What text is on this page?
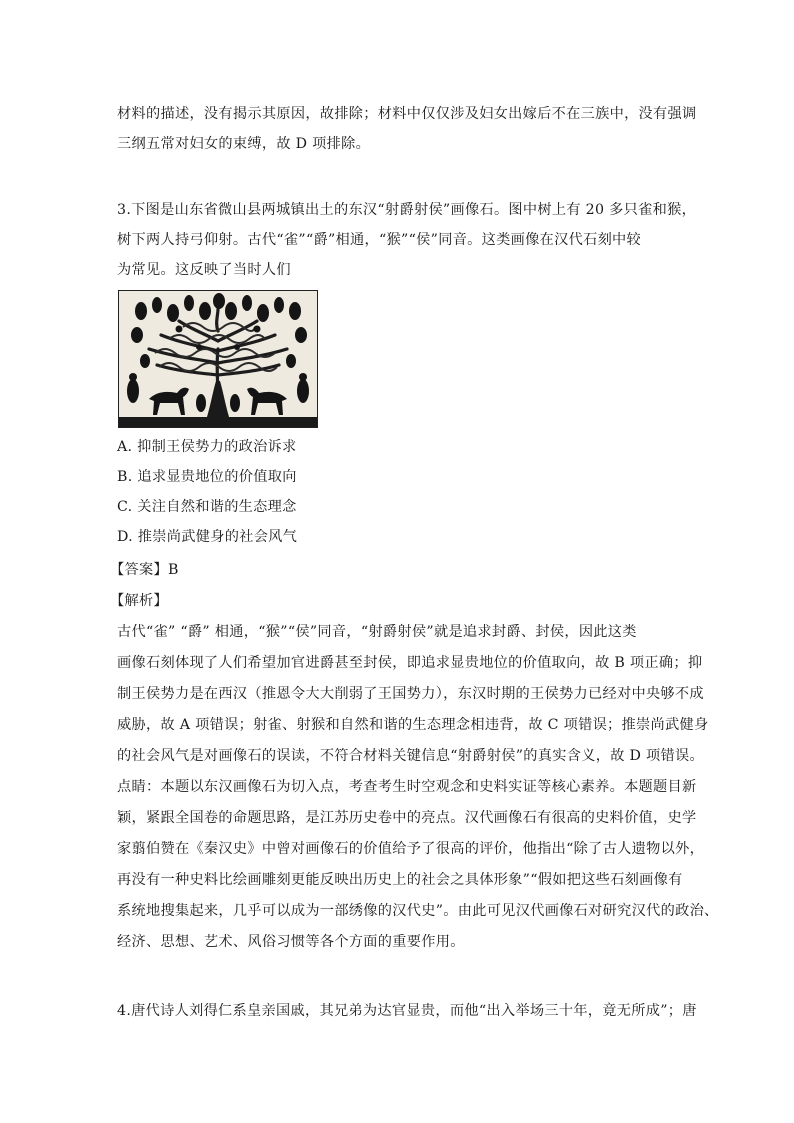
材料的描述，没有揭示其原因，故排除；材料中仅仅涉及妇女出嫁后不在三族中，没有强调
三纲五常对妇女的束缚，故 D 项排除。
3.下图是山东省微山县两城镇出土的东汉“射爵射侯”画像石。图中树上有 20 多只雀和猴，
树下两人持弓仰射。古代“雀”“爵”相通，“猴”“侯”同音。这类画像在汉代石刻中较
为常见。这反映了当时人们
A. 抑制王侯势力的政治诉求
B. 追求显贵地位的价值取向
C. 关注自然和谐的生态理念
D. 推崇尚武健身的社会风气
【答案】B
【解析】
古代“雀” “爵” 相通，“猴”“侯”同音，“射爵射侯”就是追求封爵、封侯，因此这类
画像石刻体现了人们希望加官进爵甚至封侯，即追求显贵地位的价值取向，故 B 项正确；抑
制王侯势力是在西汉（推恩令大大削弱了王国势力），东汉时期的王侯势力已经对中央够不成
威胁，故 A 项错误；射雀、射猴和自然和谐的生态理念相违背，故 C 项错误；推崇尚武健身
的社会风气是对画像石的误读，不符合材料关键信息“射爵射侯”的真实含义，故 D 项错误。
点睛：本题以东汉画像石为切入点，考查考生时空观念和史料实证等核心素养。本题题目新
颖，紧跟全国卷的命题思路，是江苏历史卷中的亮点。汉代画像石有很高的史料价值，史学
家翦伯赞在《秦汉史》中曾对画像石的价值给予了很高的评价，他指出“除了古人遗物以外，
再没有一种史料比绘画雕刻更能反映出历史上的社会之具体形象”“假如把这些石刻画像有
系统地搜集起来，几乎可以成为一部绣像的汉代史”。由此可见汉代画像石对研究汉代的政治、
经济、思想、艺术、风俗习惯等各个方面的重要作用。
4.唐代诗人刘得仁系皇亲国戚，其兄弟为达官显贵，而他“出入举场三十年，竟无所成”；唐
